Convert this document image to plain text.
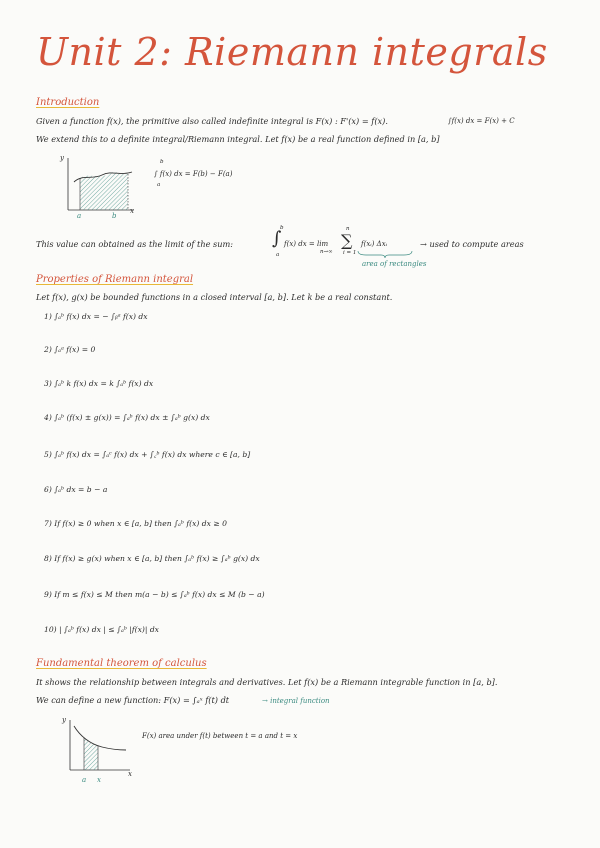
Unit 2: Riemann integrals
Introduction
Given a function f(x), the primitive also called indefinite integral is F(x) : F'(x) = f(x).	∫f(x) dx = F(x) + C
We extend this to a definite integral/Riemann integral. Let f(x) be a real function defined in [a, b]
y
x
a	b
b
∫ f(x) dx = F(b) − F(a)
a
This value can obtained as the limit of the sum: ∫
b
a
f(x) dx = lim
n→∞
n
∑
i = 1
f(xᵢ) Δxᵢ
area of rectangles
→ used to compute areas
Properties of Riemann integral
Let f(x), g(x) be bounded functions in a closed interval [a, b]. Let k be a real constant.
1) ∫ₐᵇ f(x) dx = − ∫ᵦᵃ f(x) dx
2) ∫ₐᵃ f(x) = 0
3) ∫ₐᵇ k f(x) dx = k ∫ₐᵇ f(x) dx
4) ∫ₐᵇ (f(x) ± g(x)) = ∫ₐᵇ f(x) dx ± ∫ₐᵇ g(x) dx
5) ∫ₐᵇ f(x) dx = ∫ₐᶜ f(x) dx + ∫꜀ᵇ f(x) dx where c ∈ [a, b]
6) ∫ₐᵇ dx = b − a
7) If f(x) ≥ 0 when x ∈ [a, b] then ∫ₐᵇ f(x) dx ≥ 0
8) If f(x) ≥ g(x) when x ∈ [a, b] then ∫ₐᵇ f(x) ≥ ∫ₐᵇ g(x) dx
9) If m ≤ f(x) ≤ M then m(a − b) ≤ ∫ₐᵇ f(x) dx ≤ M (b − a)
10) | ∫ₐᵇ f(x) dx | ≤ ∫ₐᵇ |f(x)| dx
Fundamental theorem of calculus
It shows the relationship between integrals and derivatives. Let f(x) be a Riemann integrable function in [a, b].
We can define a new function: F(x) = ∫ₐˣ f(t) dt	→ integral function
y
x
a x
F(x) area under f(t) between t = a and t = x
